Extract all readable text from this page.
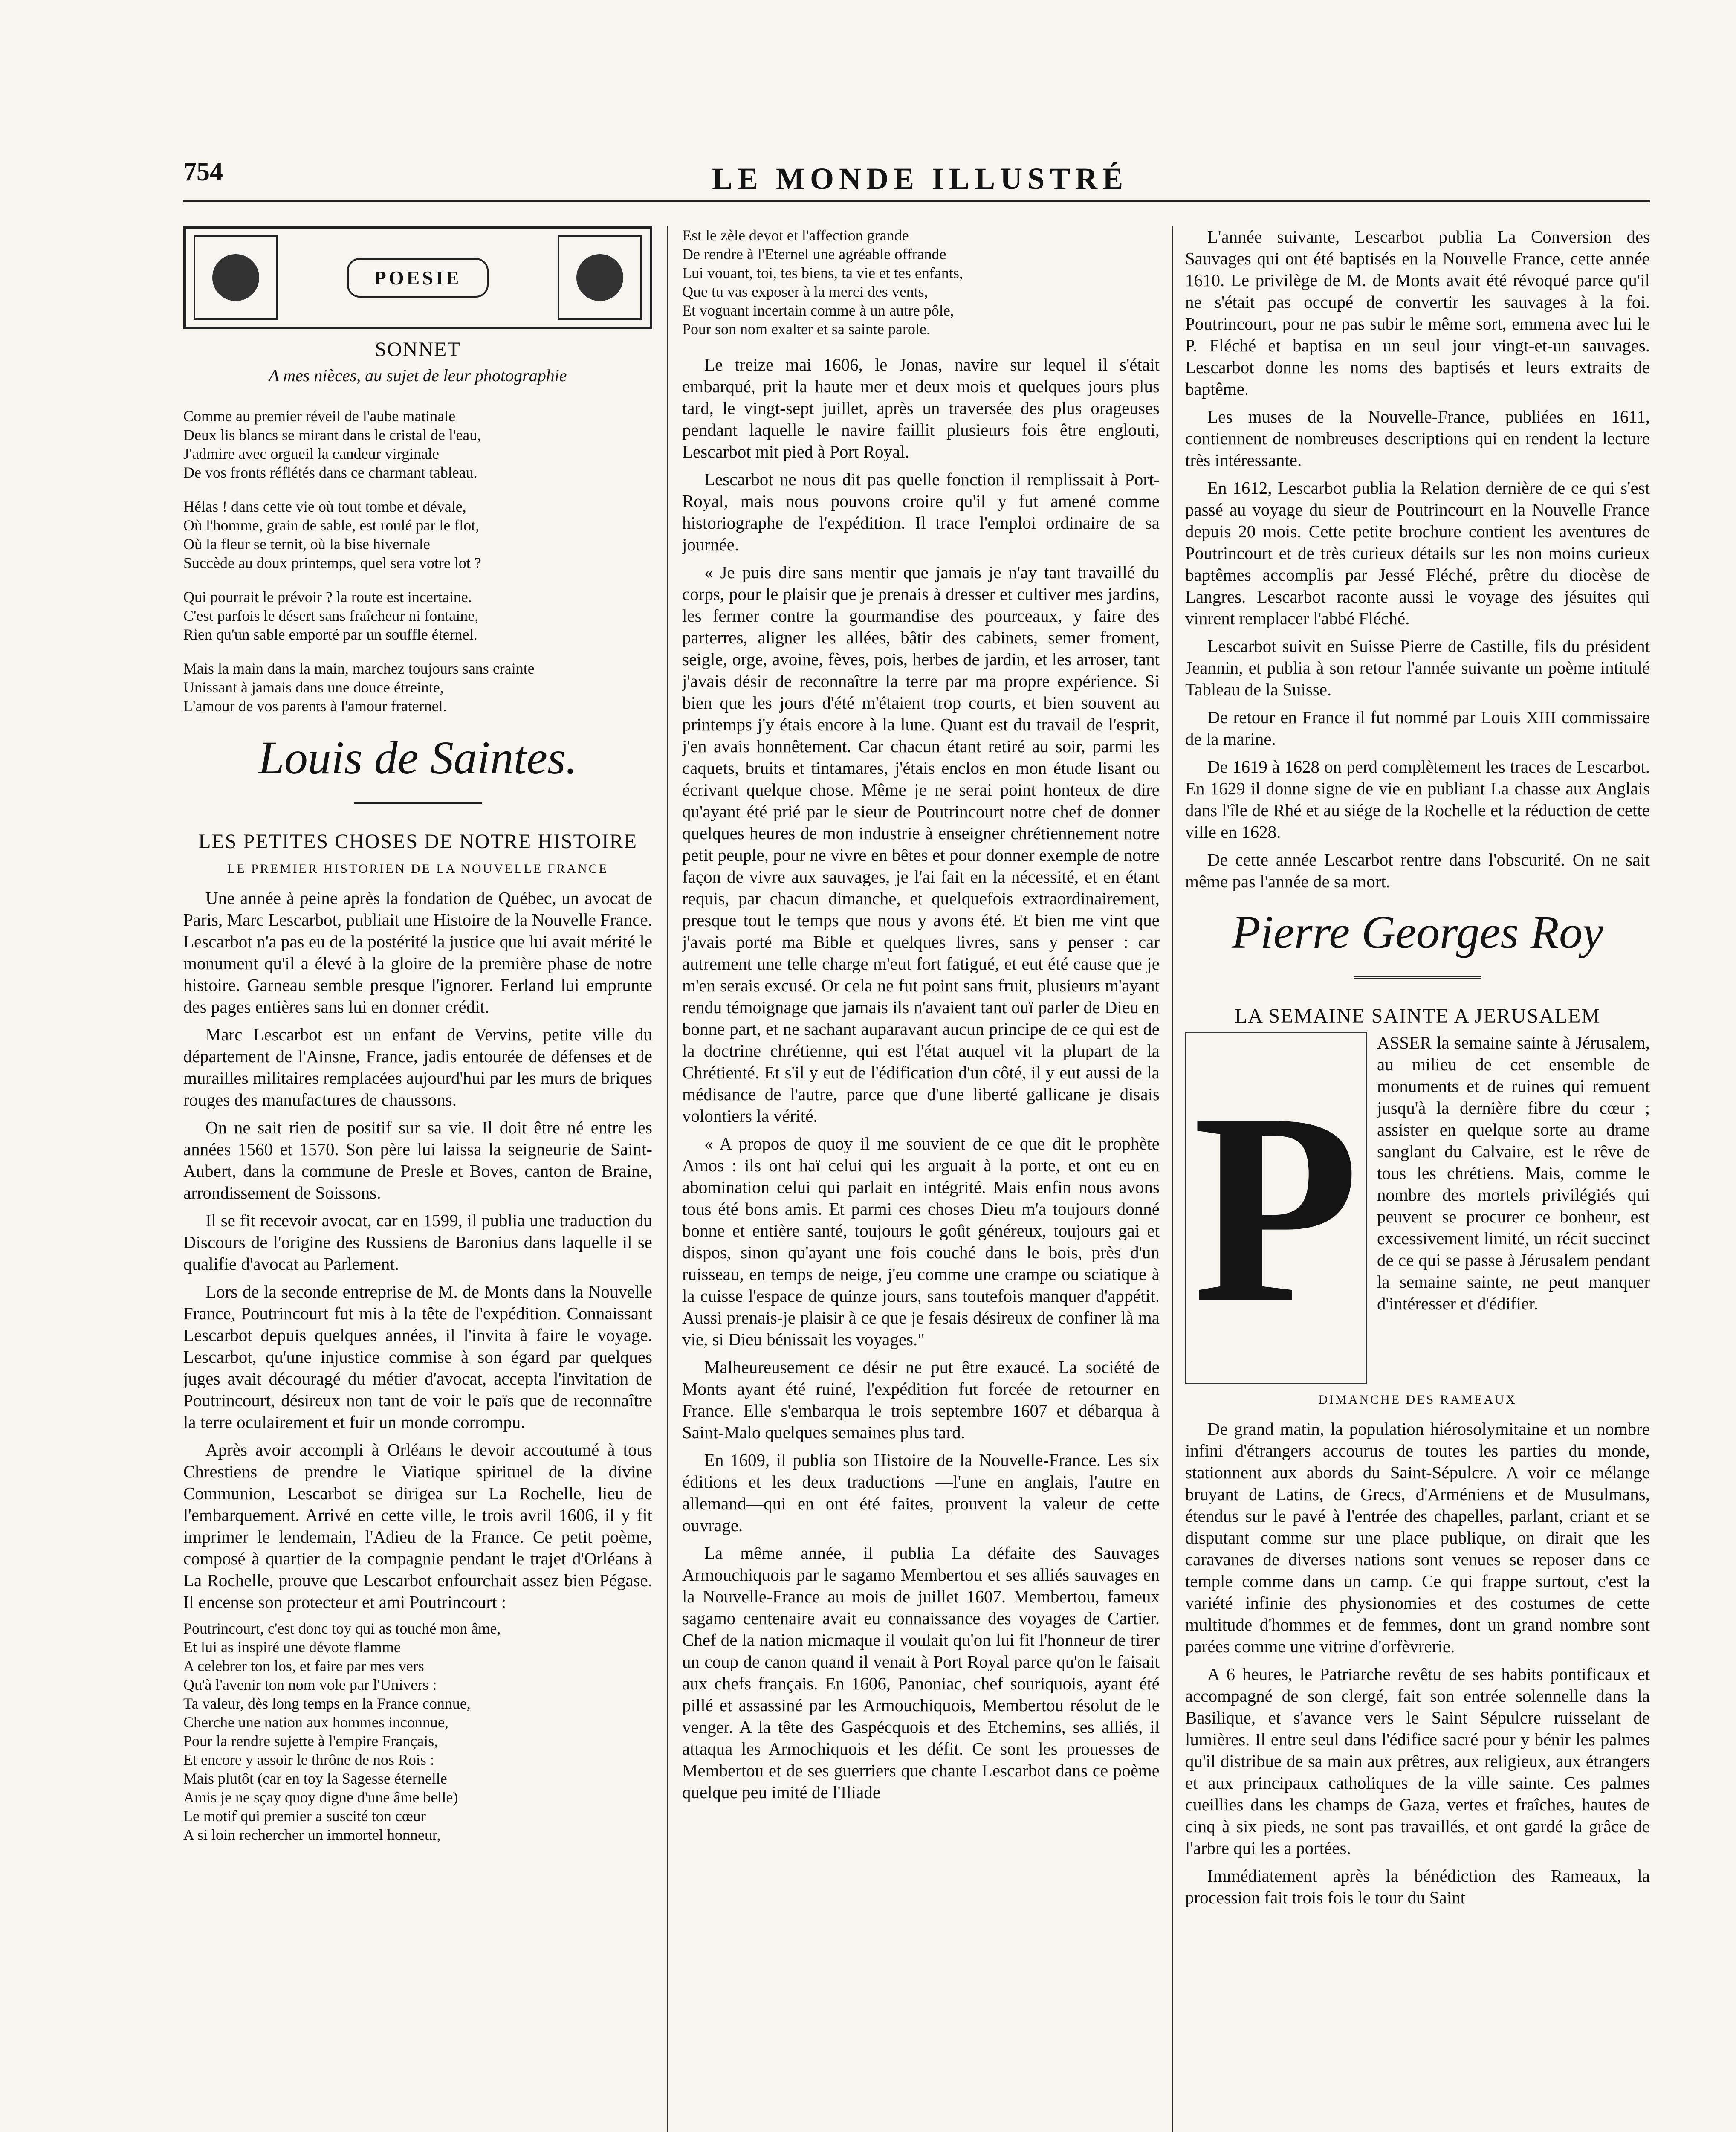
754	LE MONDE ILLUSTRÉ
POESIE
SONNET
A mes nièces, au sujet de leur photographie
Comme au premier réveil de l'aube matinale
Deux lis blancs se mirant dans le cristal de l'eau,
J'admire avec orgueil la candeur virginale
De vos fronts réflétés dans ce charmant tableau.
Hélas ! dans cette vie où tout tombe et dévale,
Où l'homme, grain de sable, est roulé par le flot,
Où la fleur se ternit, où la bise hivernale
Succède au doux printemps, quel sera votre lot ?
Qui pourrait le prévoir ? la route est incertaine.
C'est parfois le désert sans fraîcheur ni fontaine,
Rien qu'un sable emporté par un souffle éternel.
Mais la main dans la main, marchez toujours sans crainte
Unissant à jamais dans une douce étreinte,
L'amour de vos parents à l'amour fraternel.
Louis de Saintes.
LES PETITES CHOSES DE NOTRE HISTOIRE
LE PREMIER HISTORIEN DE LA NOUVELLE FRANCE

Une année à peine après la fondation de Québec, un avocat de Paris, Marc Lescarbot, publiait une Histoire de la Nouvelle France. Lescarbot n'a pas eu de la postérité la justice que lui avait mérité le monument qu'il a élevé à la gloire de la première phase de notre histoire. Garneau semble presque l'ignorer. Ferland lui emprunte des pages entières sans lui en donner crédit.

Marc Lescarbot est un enfant de Vervins, petite ville du département de l'Ainsne, France, jadis entourée de défenses et de murailles militaires remplacées aujourd'hui par les murs de briques rouges des manufactures de chaussons.

On ne sait rien de positif sur sa vie. Il doit être né entre les années 1560 et 1570. Son père lui laissa la seigneurie de Saint-Aubert, dans la commune de Presle et Boves, canton de Braine, arrondissement de Soissons.

Il se fit recevoir avocat, car en 1599, il publia une traduction du Discours de l'origine des Russiens de Baronius dans laquelle il se qualifie d'avocat au Parlement.

Lors de la seconde entreprise de M. de Monts dans la Nouvelle France, Poutrincourt fut mis à la tête de l'expédition. Connaissant Lescarbot depuis quelques années, il l'invita à faire le voyage. Lescarbot, qu'une injustice commise à son égard par quelques juges avait découragé du métier d'avocat, accepta l'invitation de Poutrincourt, désireux non tant de voir le païs que de reconnaître la terre oculairement et fuir un monde corrompu.

Après avoir accompli à Orléans le devoir accoutumé à tous Chrestiens de prendre le Viatique spirituel de la divine Communion, Lescarbot se dirigea sur La Rochelle, lieu de l'embarquement. Arrivé en cette ville, le trois avril 1606, il y fit imprimer le lendemain, l'Adieu de la France. Ce petit poème, composé à quartier de la compagnie pendant le trajet d'Orléans à La Rochelle, prouve que Lescarbot enfourchait assez bien Pégase. Il encense son protecteur et ami Poutrincourt :

Poutrincourt, c'est donc toy qui as touché mon âme,
Et lui as inspiré une dévote flamme
A celebrer ton los, et faire par mes vers
Qu'à l'avenir ton nom vole par l'Univers :
Ta valeur, dès long temps en la France connue,
Cherche une nation aux hommes inconnue,
Pour la rendre sujette à l'empire Français,
Et encore y assoir le thrône de nos Rois :
Mais plutôt (car en toy la Sagesse éternelle
Amis je ne sçay quoy digne d'une âme belle)
Le motif qui premier a suscité ton cœur
A si loin rechercher un immortel honneur,
Est le zèle devot et l'affection grande
De rendre à l'Eternel une agréable offrande
Lui vouant, toi, tes biens, ta vie et tes enfants,
Que tu vas exposer à la merci des vents,
Et voguant incertain comme à un autre pôle,
Pour son nom exalter et sa sainte parole.

Le treize mai 1606, le Jonas, navire sur lequel il s'était embarqué, prit la haute mer et deux mois et quelques jours plus tard, le vingt-sept juillet, après un traversée des plus orageuses pendant laquelle le navire faillit plusieurs fois être englouti, Lescarbot mit pied à Port Royal.

Lescarbot ne nous dit pas quelle fonction il remplissait à Port-Royal, mais nous pouvons croire qu'il y fut amené comme historiographe de l'expédition. Il trace l'emploi ordinaire de sa journée.

« Je puis dire sans mentir que jamais je n'ay tant travaillé du corps, pour le plaisir que je prenais à dresser et cultiver mes jardins, les fermer contre la gourmandise des pourceaux, y faire des parterres, aligner les allées, bâtir des cabinets, semer froment, seigle, orge, avoine, fèves, pois, herbes de jardin, et les arroser, tant j'avais désir de reconnaître la terre par ma propre expérience. Si bien que les jours d'été m'étaient trop courts, et bien souvent au printemps j'y étais encore à la lune. Quant est du travail de l'esprit, j'en avais honnêtement. Car chacun étant retiré au soir, parmi les caquets, bruits et tintamares, j'étais enclos en mon étude lisant ou écrivant quelque chose. Même je ne serai point honteux de dire qu'ayant été prié par le sieur de Poutrincourt notre chef de donner quelques heures de mon industrie à enseigner chrétiennement notre petit peuple, pour ne vivre en bêtes et pour donner exemple de notre façon de vivre aux sauvages, je l'ai fait en la nécessité, et en étant requis, par chacun dimanche, et quelquefois extraordinairement, presque tout le temps que nous y avons été. Et bien me vint que j'avais porté ma Bible et quelques livres, sans y penser : car autrement une telle charge m'eut fort fatigué, et eut été cause que je m'en serais excusé. Or cela ne fut point sans fruit, plusieurs m'ayant rendu témoignage que jamais ils n'avaient tant ouï parler de Dieu en bonne part, et ne sachant auparavant aucun principe de ce qui est de la doctrine chrétienne, qui est l'état auquel vit la plupart de la Chrétienté. Et s'il y eut de l'édification d'un côté, il y eut aussi de la médisance de l'autre, parce que d'une liberté gallicane je disais volontiers la vérité.

« A propos de quoy il me souvient de ce que dit le prophète Amos : ils ont haï celui qui les arguait à la porte, et ont eu en abomination celui qui parlait en intégrité. Mais enfin nous avons tous été bons amis. Et parmi ces choses Dieu m'a toujours donné bonne et entière santé, toujours le goût généreux, toujours gai et dispos, sinon qu'ayant une fois couché dans le bois, près d'un ruisseau, en temps de neige, j'eu comme une crampe ou sciatique à la cuisse l'espace de quinze jours, sans toutefois manquer d'appétit. Aussi prenais-je plaisir à ce que je fesais désireux de confiner là ma vie, si Dieu bénissait les voyages."

Malheureusement ce désir ne put être exaucé. La société de Monts ayant été ruiné, l'expédition fut forcée de retourner en France. Elle s'embarqua le trois septembre 1607 et débarqua à Saint-Malo quelques semaines plus tard.

En 1609, il publia son Histoire de la Nouvelle-France. Les six éditions et les deux traductions —l'une en anglais, l'autre en allemand—qui en ont été faites, prouvent la valeur de cette ouvrage.

La même année, il publia La défaite des Sauvages Armouchiquois par le sagamo Membertou et ses alliés sauvages en la Nouvelle-France au mois de juillet 1607. Membertou, fameux sagamo centenaire avait eu connaissance des voyages de Cartier. Chef de la nation micmaque il voulait qu'on lui fit l'honneur de tirer un coup de canon quand il venait à Port Royal parce qu'on le faisait aux chefs français. En 1606, Panoniac, chef souriquois, ayant été pillé et assassiné par les Armouchiquois, Membertou résolut de le venger. A la tête des Gaspécquois et des Etchemins, ses alliés, il attaqua les Armochiquois et les défit. Ce sont les prouesses de Membertou et de ses guerriers que chante Lescarbot dans ce poème quelque peu imité de l'Iliade

L'année suivante, Lescarbot publia La Conversion des Sauvages qui ont été baptisés en la Nouvelle France, cette année 1610. Le privilège de M. de Monts avait été révoqué parce qu'il ne s'était pas occupé de convertir les sauvages à la foi. Poutrincourt, pour ne pas subir le même sort, emmena avec lui le P. Fléché et baptisa en un seul jour vingt-et-un sauvages. Lescarbot donne les noms des baptisés et leurs extraits de baptême.

Les muses de la Nouvelle-France, publiées en 1611, contiennent de nombreuses descriptions qui en rendent la lecture très intéressante.

En 1612, Lescarbot publia la Relation dernière de ce qui s'est passé au voyage du sieur de Poutrincourt en la Nouvelle France depuis 20 mois. Cette petite brochure contient les aventures de Poutrincourt et de très curieux détails sur les non moins curieux baptêmes accomplis par Jessé Fléché, prêtre du diocèse de Langres. Lescarbot raconte aussi le voyage des jésuites qui vinrent remplacer l'abbé Fléché.

Lescarbot suivit en Suisse Pierre de Castille, fils du président Jeannin, et publia à son retour l'année suivante un poème intitulé Tableau de la Suisse.

De retour en France il fut nommé par Louis XIII commissaire de la marine.

De 1619 à 1628 on perd complètement les traces de Lescarbot. En 1629 il donne signe de vie en publiant La chasse aux Anglais dans l'île de Rhé et au siége de la Rochelle et la réduction de cette ville en 1628.

De cette année Lescarbot rentre dans l'obscurité. On ne sait même pas l'année de sa mort.

Pierre Georges Roy
LA SEMAINE SAINTE A JERUSALEM
P

ASSER la semaine sainte à Jérusalem, au milieu de cet ensemble de monuments et de ruines qui remuent jusqu'à la dernière fibre du cœur ; assister en quelque sorte au drame sanglant du Calvaire, est le rêve de tous les chrétiens. Mais, comme le nombre des mortels privilégiés qui peuvent se procurer ce bonheur, est excessivement limité, un récit succinct de ce qui se passe à Jérusalem pendant la semaine sainte, ne peut manquer d'intéresser et d'édifier.

DIMANCHE DES RAMEAUX

De grand matin, la population hiérosolymitaine et un nombre infini d'étrangers accourus de toutes les parties du monde, stationnent aux abords du Saint-Sépulcre. A voir ce mélange bruyant de Latins, de Grecs, d'Arméniens et de Musulmans, étendus sur le pavé à l'entrée des chapelles, parlant, criant et se disputant comme sur une place publique, on dirait que les caravanes de diverses nations sont venues se reposer dans ce temple comme dans un camp. Ce qui frappe surtout, c'est la variété infinie des physionomies et des costumes de cette multitude d'hommes et de femmes, dont un grand nombre sont parées comme une vitrine d'orfèvrerie.

A 6 heures, le Patriarche revêtu de ses habits pontificaux et accompagné de son clergé, fait son entrée solennelle dans la Basilique, et s'avance vers le Saint Sépulcre ruisselant de lumières. Il entre seul dans l'édifice sacré pour y bénir les palmes qu'il distribue de sa main aux prêtres, aux religieux, aux étrangers et aux principaux catholiques de la ville sainte. Ces palmes cueillies dans les champs de Gaza, vertes et fraîches, hautes de cinq à six pieds, ne sont pas travaillés, et ont gardé la grâce de l'arbre qui les a portées.

Immédiatement après la bénédiction des Rameaux, la procession fait trois fois le tour du Saint
